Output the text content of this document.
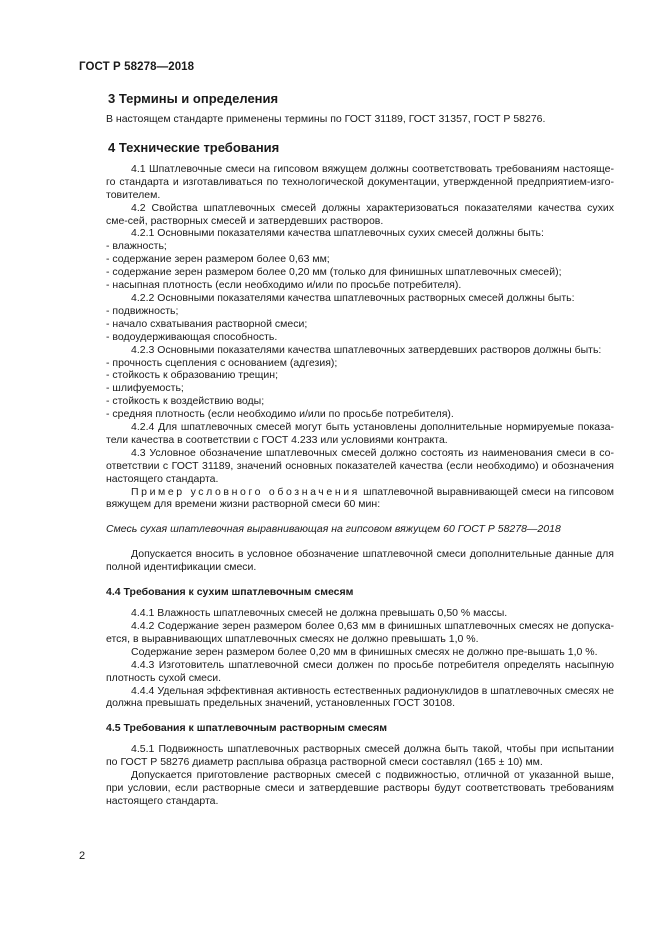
ГОСТ Р 58278—2018
3 Термины и определения

В настоящем стандарте применены термины по ГОСТ 31189, ГОСТ 31357, ГОСТ Р 58276.

4 Технические требования

4.1 Шпатлевочные смеси на гипсовом вяжущем должны соответствовать требованиям настояще-го стандарта и изготавливаться по технологической документации, утвержденной предприятием-изго-товителем.

4.2 Свойства шпатлевочных смесей должны характеризоваться показателями качества сухих сме-сей, растворных смесей и затвердевших растворов.

4.2.1 Основными показателями качества шпатлевочных сухих смесей должны быть:

- влажность;

- содержание зерен размером более 0,63 мм;

- содержание зерен размером более 0,20 мм (только для финишных шпатлевочных смесей);

- насыпная плотность (если необходимо и/или по просьбе потребителя).

4.2.2 Основными показателями качества шпатлевочных растворных смесей должны быть:

- подвижность;

- начало схватывания растворной смеси;

- водоудерживающая способность.

4.2.3 Основными показателями качества шпатлевочных затвердевших растворов должны быть:

- прочность сцепления с основанием (адгезия);

- стойкость к образованию трещин;

- шлифуемость;

- стойкость к воздействию воды;

- средняя плотность (если необходимо и/или по просьбе потребителя).

4.2.4 Для шпатлевочных смесей могут быть установлены дополнительные нормируемые показа-тели качества в соответствии с ГОСТ 4.233 или условиями контракта.

4.3 Условное обозначение шпатлевочных смесей должно состоять из наименования смеси в со-ответствии с ГОСТ 31189, значений основных показателей качества (если необходимо) и обозначения настоящего стандарта.

Пример условного обозначения шпатлевочной выравнивающей смеси на гипсовом вяжущем для времени жизни растворной смеси 60 мин:

Смесь сухая шпатлевочная выравнивающая на гипсовом вяжущем 60 ГОСТ Р 58278—2018

Допускается вносить в условное обозначение шпатлевочной смеси дополнительные данные для полной идентификации смеси.

4.4 Требования к сухим шпатлевочным смесям

4.4.1 Влажность шпатлевочных смесей не должна превышать 0,50 % массы.

4.4.2 Содержание зерен размером более 0,63 мм в финишных шпатлевочных смесях не допуска-ется, в выравнивающих шпатлевочных смесях не должно превышать 1,0 %.

Содержание зерен размером более 0,20 мм в финишных смесях не должно пре-вышать 1,0 %.

4.4.3 Изготовитель шпатлевочной смеси должен по просьбе потребителя определять насыпную плотность сухой смеси.

4.4.4 Удельная эффективная активность естественных радионуклидов в шпатлевочных смесях не должна превышать предельных значений, установленных ГОСТ 30108.

4.5 Требования к шпатлевочным растворным смесям

4.5.1 Подвижность шпатлевочных растворных смесей должна быть такой, чтобы при испытании по ГОСТ Р 58276 диаметр расплыва образца растворной смеси составлял (165 ± 10) мм.

Допускается приготовление растворных смесей с подвижностью, отличной от указанной выше, при условии, если растворные смеси и затвердевшие растворы будут соответствовать требованиям настоящего стандарта.

2
